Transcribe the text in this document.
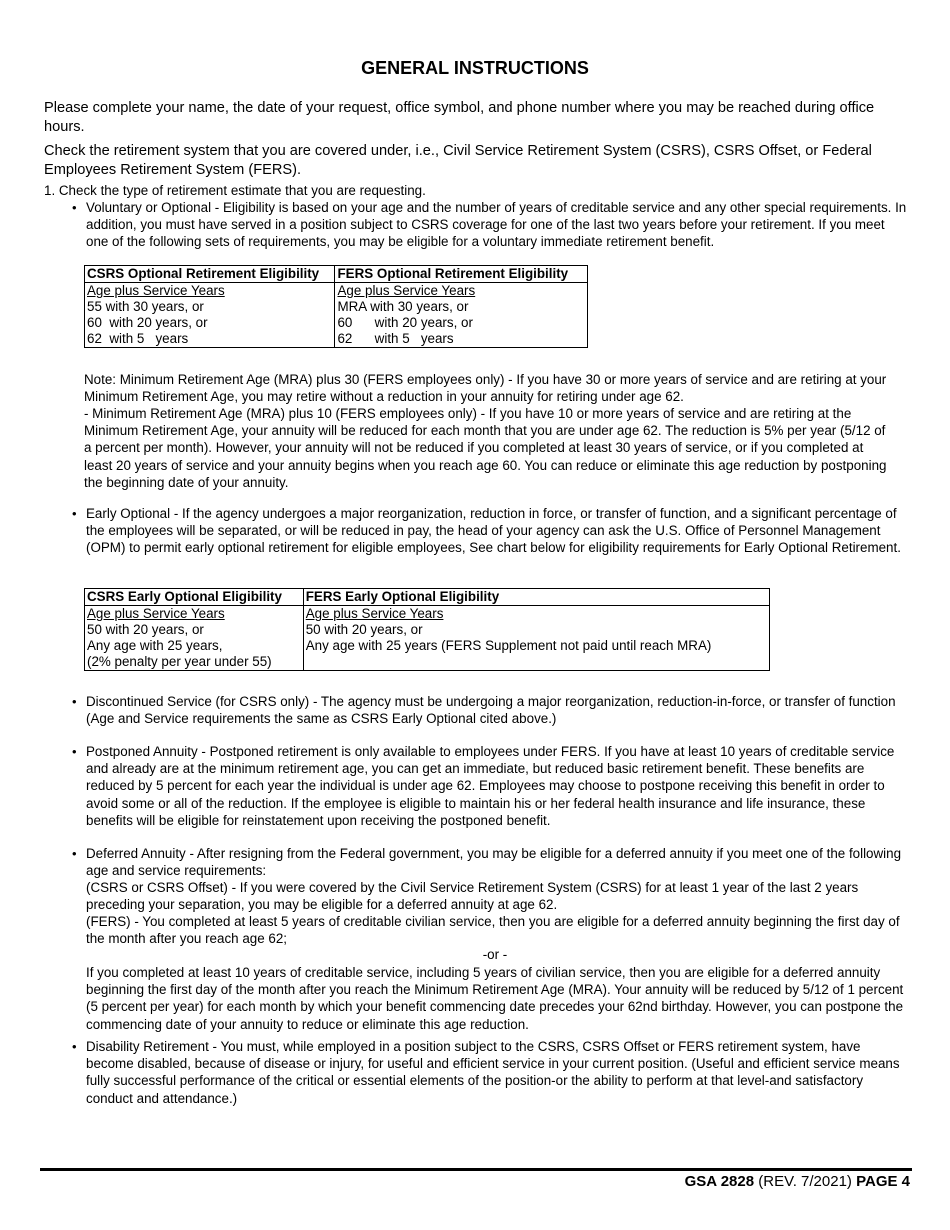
GENERAL INSTRUCTIONS

Please complete your name, the date of your request, office symbol, and phone number where you may be reached during office hours.

Check the retirement system that you are covered under, i.e., Civil Service Retirement System (CSRS), CSRS Offset, or Federal Employees Retirement System (FERS).

1. Check the type of retirement estimate that you are requesting.
• Voluntary or Optional - Eligibility is based on your age and the number of years of creditable service and any other special requirements. In addition, you must have served in a position subject to CSRS coverage for one of the last two years before your retirement. If you meet one of the following sets of requirements, you may be eligible for a voluntary immediate retirement benefit.
CSRS Optional Retirement Eligibility	FERS Optional Retirement Eligibility
Age plus Service Years	Age plus Service Years
55 with 30 years, or	MRA with 30 years, or
60  with 20 years, or	60      with 20 years, or
62  with 5   years	62      with 5   years

Note: Minimum Retirement Age (MRA) plus 30 (FERS employees only) - If you have 30 or more years of service and are retiring at your Minimum Retirement Age, you may retire without a reduction in your annuity for retiring under age 62.

- Minimum Retirement Age (MRA) plus 10 (FERS employees only) - If you have 10 or more years of service and are retiring at the Minimum Retirement Age, your annuity will be reduced for each month that you are under age 62. The reduction is 5% per year (5/12 of a percent per month). However, your annuity will not be reduced if you completed at least 30 years of service, or if you completed at least 20 years of service and your annuity begins when you reach age 60. You can reduce or eliminate this age reduction by postponing the beginning date of your annuity.

• Early Optional - If the agency undergoes a major reorganization, reduction in force, or transfer of function, and a significant percentage of the employees will be separated, or will be reduced in pay, the head of your agency can ask the U.S. Office of Personnel Management (OPM) to permit early optional retirement for eligible employees, See chart below for eligibility requirements for Early Optional Retirement.
CSRS Early Optional Eligibility	FERS Early Optional Eligibility
Age plus Service Years	Age plus Service Years
50 with 20 years, or	50 with 20 years, or
Any age with 25 years,	Any age with 25 years (FERS Supplement not paid until reach MRA)
(2% penalty per year under 55)	
• Discontinued Service (for CSRS only) - The agency must be undergoing a major reorganization, reduction-in-force, or transfer of function (Age and Service requirements the same as CSRS Early Optional cited above.)
• Postponed Annuity - Postponed retirement is only available to employees under FERS. If you have at least 10 years of creditable service and already are at the minimum retirement age, you can get an immediate, but reduced basic retirement benefit. These benefits are reduced by 5 percent for each year the individual is under age 62. Employees may choose to postpone receiving this benefit in order to avoid some or all of the reduction. If the employee is eligible to maintain his or her federal health insurance and life insurance, these benefits will be eligible for reinstatement upon receiving the postponed benefit.
• Deferred Annuity - After resigning from the Federal government, you may be eligible for a deferred annuity if you meet one of the following age and service requirements:

(CSRS or CSRS Offset) - If you were covered by the Civil Service Retirement System (CSRS) for at least 1 year of the last 2 years preceding your separation, you may be eligible for a deferred annuity at age 62.

(FERS) - You completed at least 5 years of creditable civilian service, then you are eligible for a deferred annuity beginning the first day of the month after you reach age 62;

-or -

If you completed at least 10 years of creditable service, including 5 years of civilian service, then you are eligible for a deferred annuity beginning the first day of the month after you reach the Minimum Retirement Age (MRA). Your annuity will be reduced by 5/12 of 1 percent (5 percent per year) for each month by which your benefit commencing date precedes your 62nd birthday. However, you can postpone the commencing date of your annuity to reduce or eliminate this age reduction.

• Disability Retirement - You must, while employed in a position subject to the CSRS, CSRS Offset or FERS retirement system, have become disabled, because of disease or injury, for useful and efficient service in your current position. (Useful and efficient service means fully successful performance of the critical or essential elements of the position-or the ability to perform at that level-and satisfactory conduct and attendance.)
GSA 2828 (REV. 7/2021) PAGE 4
